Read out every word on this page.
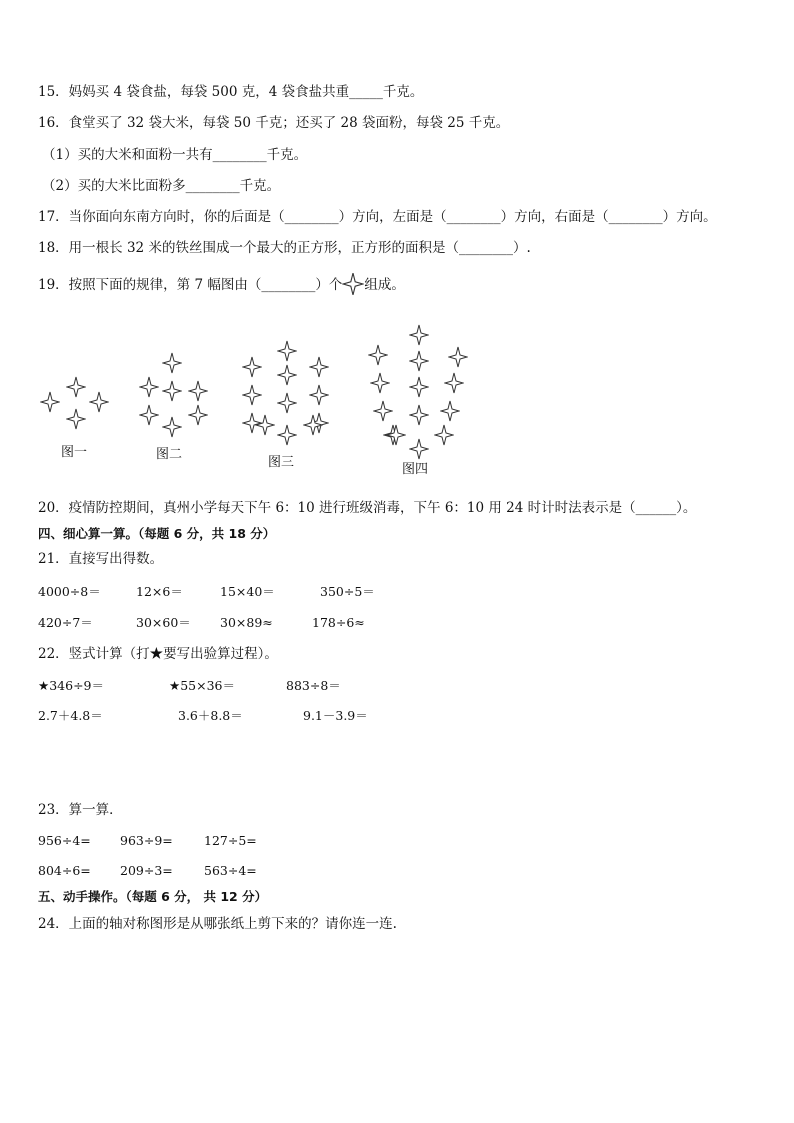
15．妈妈买 4 袋食盐，每袋 500 克，4 袋食盐共重_____千克。
16．食堂买了 32 袋大米，每袋 50 千克；还买了 28 袋面粉，每袋 25 千克。
（1）买的大米和面粉一共有________千克。
（2）买的大米比面粉多________千克。
17．当你面向东南方向时，你的后面是（________）方向，左面是（________）方向，右面是（________）方向。
18．用一根长 32 米的铁丝围成一个最大的正方形，正方形的面积是（________）.
19．按照下面的规律，第 7 幅图由（________）个 组成。
图一	图二
图三	图四
20．疫情防控期间，真州小学每天下午 6：10 进行班级消毒，下午 6：10 用 24 时计时法表示是（______）。
四、细心算一算。（每题 6 分，共 18 分）
21．直接写出得数。
4000÷8＝	12×6＝	15×40＝	350÷5＝
420÷7＝	30×60＝ 30×89≈	178÷6≈
22．竖式计算（打★要写出验算过程）。
★346÷9＝	★55×36＝	883÷8＝
2.7＋4.8＝	3.6＋8.8＝	9.1－3.9＝
23．算一算．
956÷4= 963÷9= 127÷5=
804÷6= 209÷3= 563÷4=
五、动手操作。（每题 6 分， 共 12 分）
24．上面的轴对称图形是从哪张纸上剪下来的？请你连一连.
